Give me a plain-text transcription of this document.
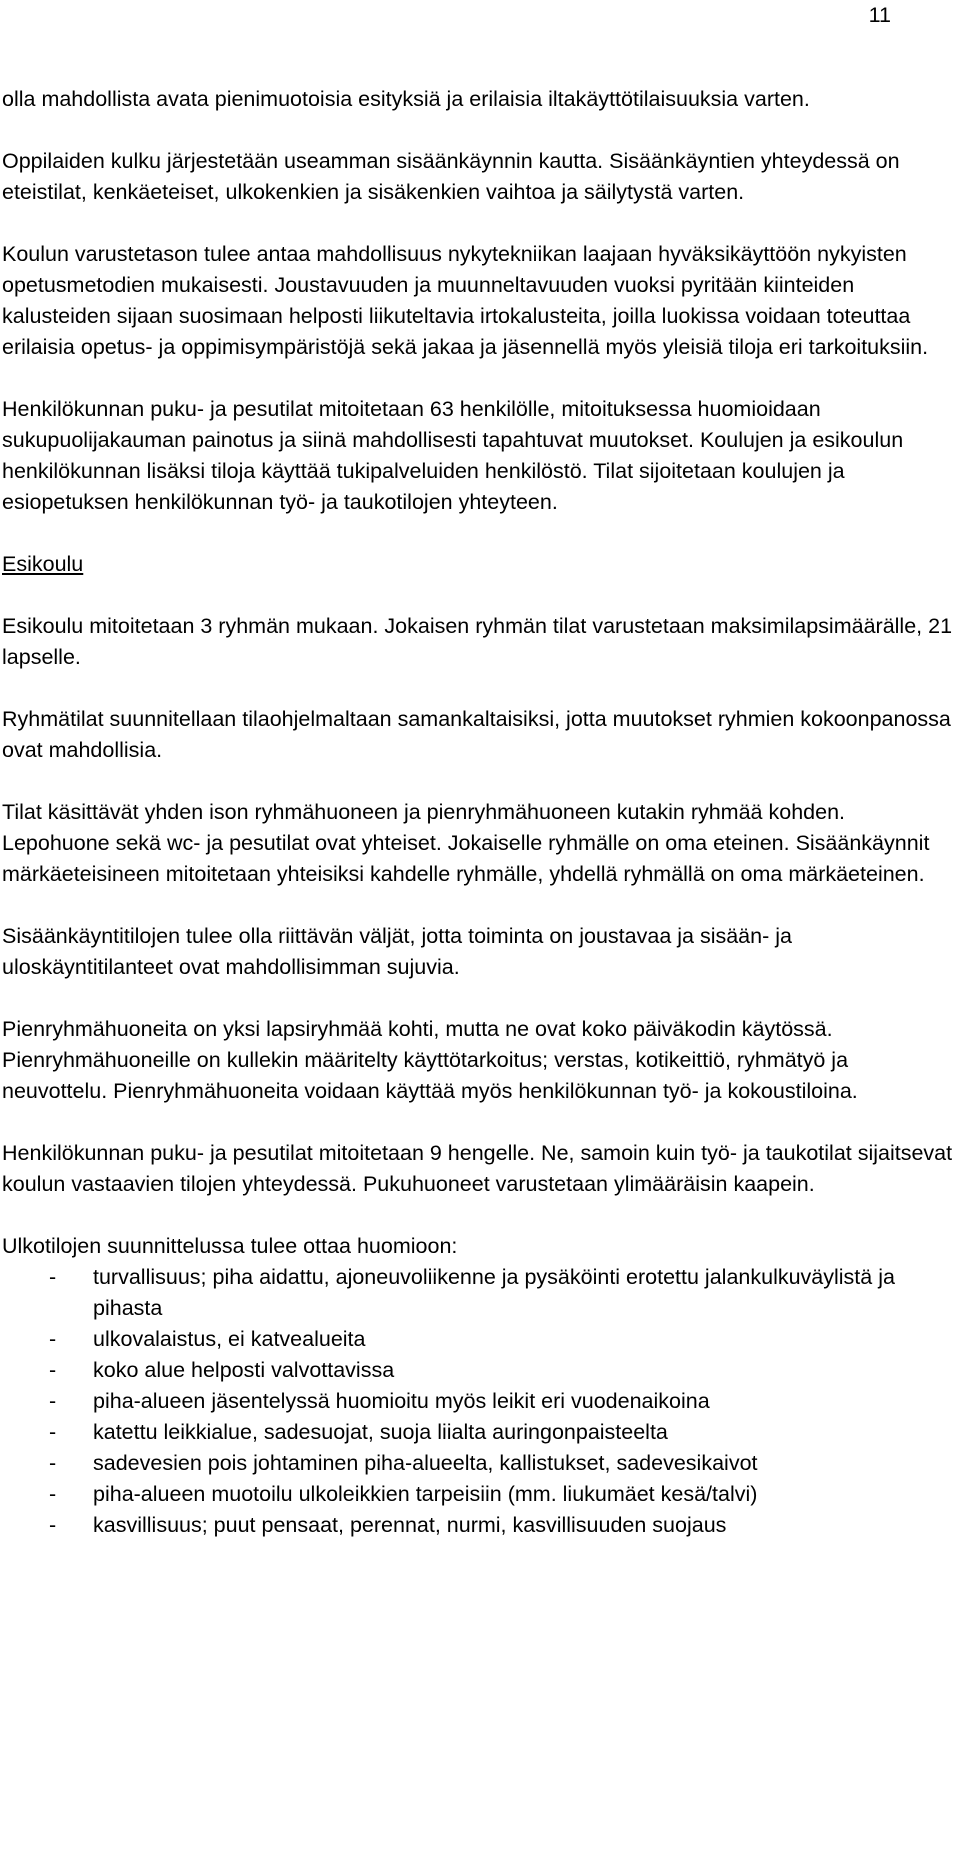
11

olla mahdollista avata pienimuotoisia esityksiä ja erilaisia iltakäyttötilaisuuksia varten.

Oppilaiden kulku järjestetään useamman sisäänkäynnin kautta. Sisäänkäyntien yhteydessä on eteistilat, kenkäeteiset, ulkokenkien ja sisäkenkien vaihtoa ja säilytystä varten.

Koulun varustetason tulee antaa mahdollisuus nykytekniikan laajaan hyväksikäyttöön nykyisten opetusmetodien mukaisesti. Joustavuuden ja muunneltavuuden vuoksi pyritään kiinteiden kalusteiden sijaan suosimaan helposti liikuteltavia irtokalusteita, joilla luokissa voidaan toteuttaa erilaisia opetus- ja oppimisympäristöjä sekä jakaa ja jäsennellä myös yleisiä tiloja eri tarkoituksiin.

Henkilökunnan puku- ja pesutilat mitoitetaan 63 henkilölle, mitoituksessa huomioidaan sukupuolijakauman painotus ja siinä mahdollisesti tapahtuvat muutokset. Koulujen ja esikoulun henkilökunnan lisäksi tiloja käyttää tukipalveluiden henkilöstö. Tilat sijoitetaan koulujen ja esiopetuksen henkilökunnan työ- ja taukotilojen yhteyteen.

Esikoulu

Esikoulu mitoitetaan 3 ryhmän mukaan. Jokaisen ryhmän tilat varustetaan maksimilapsimäärälle, 21 lapselle.

Ryhmätilat suunnitellaan tilaohjelmaltaan samankaltaisiksi, jotta muutokset ryhmien kokoonpanossa ovat mahdollisia.

Tilat käsittävät yhden ison ryhmähuoneen ja pienryhmähuoneen kutakin ryhmää kohden. Lepohuone sekä wc- ja pesutilat ovat yhteiset. Jokaiselle ryhmälle on oma eteinen. Sisäänkäynnit märkäeteisineen mitoitetaan yhteisiksi kahdelle ryhmälle, yhdellä ryhmällä on oma märkäeteinen.

Sisäänkäyntitilojen tulee olla riittävän väljät, jotta toiminta on joustavaa ja sisään- ja uloskäyntitilanteet ovat mahdollisimman sujuvia.

Pienryhmähuoneita on yksi lapsiryhmää kohti, mutta ne ovat koko päiväkodin käytössä. Pienryhmähuoneille on kullekin määritelty käyttötarkoitus; verstas, kotikeittiö, ryhmätyö ja neuvottelu. Pienryhmähuoneita voidaan käyttää myös henkilökunnan työ- ja kokoustiloina.

Henkilökunnan puku- ja pesutilat mitoitetaan 9 hengelle. Ne, samoin kuin työ- ja taukotilat sijaitsevat koulun vastaavien tilojen yhteydessä. Pukuhuoneet varustetaan ylimääräisin kaapein.

Ulkotilojen suunnittelussa tulee ottaa huomioon:

- turvallisuus; piha aidattu, ajoneuvoliikenne ja pysäköinti erotettu jalankulkuväylistä ja pihasta
- ulkovalaistus, ei katvealueita
- koko alue helposti valvottavissa
- piha-alueen jäsentelyssä huomioitu myös leikit eri vuodenaikoina
- katettu leikkialue, sadesuojat, suoja liialta auringonpaisteelta
- sadevesien pois johtaminen piha-alueelta, kallistukset, sadevesikaivot
- piha-alueen muotoilu ulkoleikkien tarpeisiin (mm. liukumäet kesä/talvi)
- kasvillisuus; puut pensaat, perennat, nurmi, kasvillisuuden suojaus
